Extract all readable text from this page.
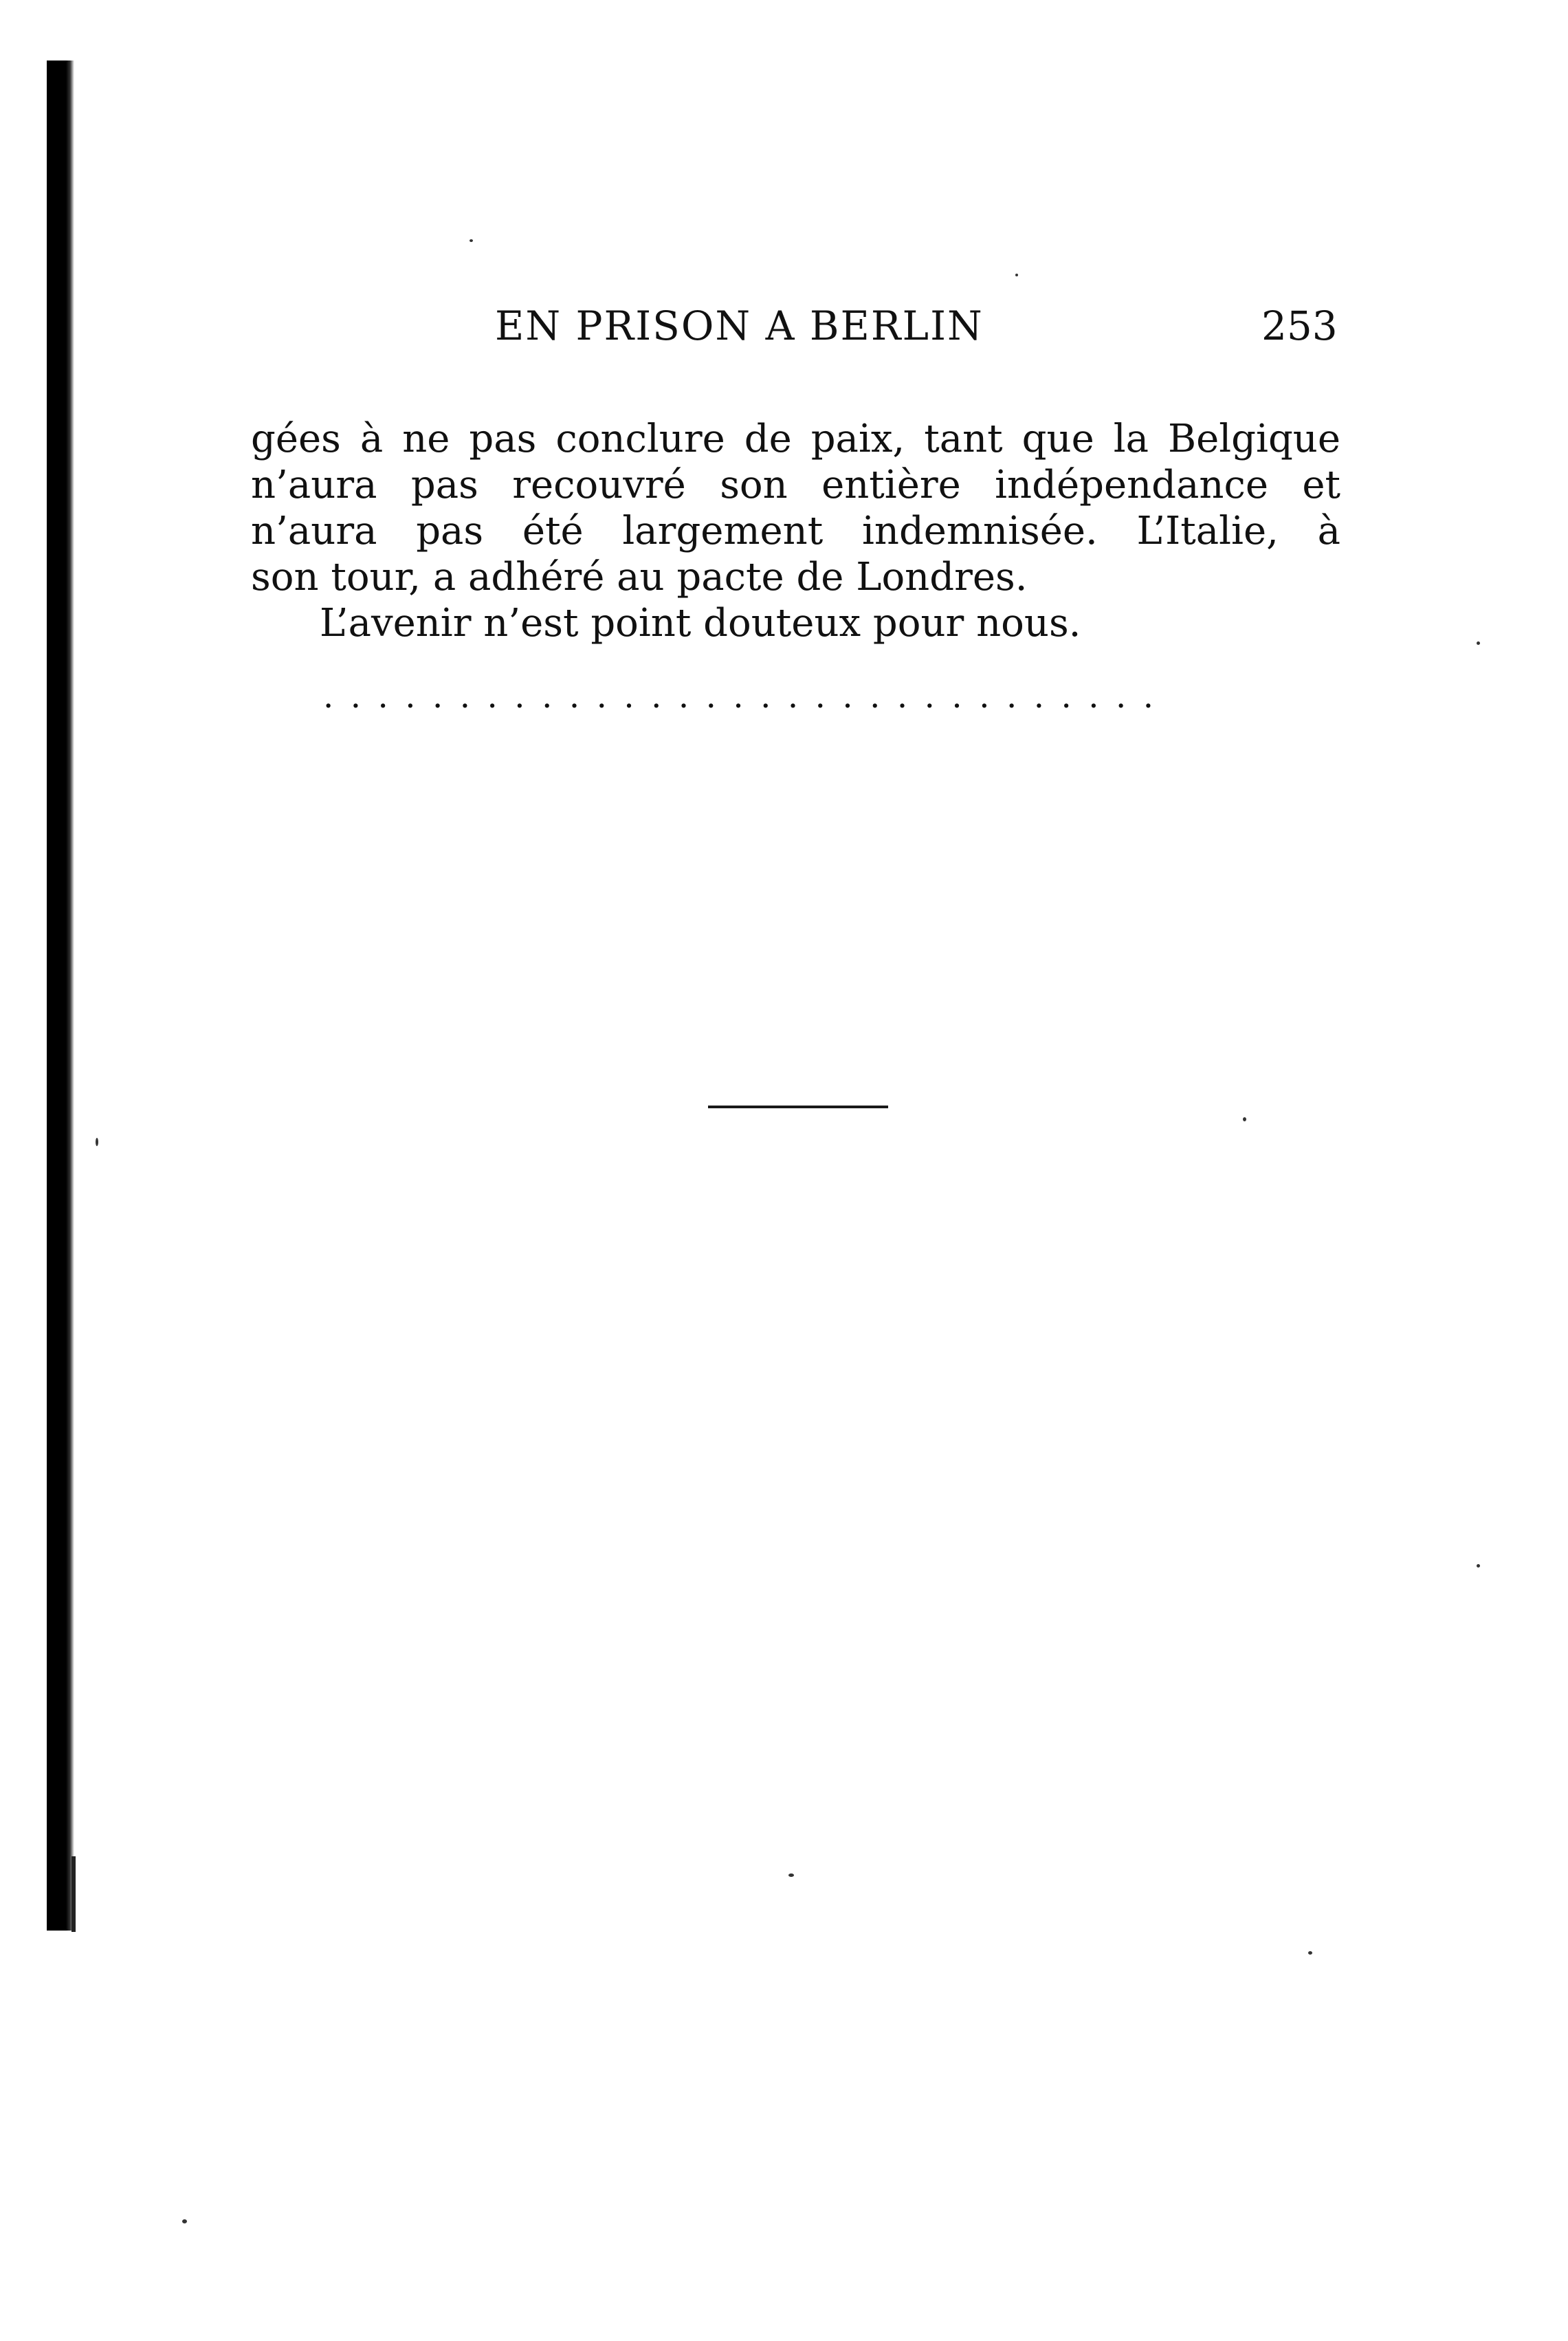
EN PRISON A BERLIN	253
gées à ne pas conclure de paix, tant que la Belgique
n’aura pas recouvré son entière indépendance et
n’aura pas été largement indemnisée. L’Italie, à
son tour, a adhéré au pacte de Londres.
L’avenir n’est point douteux pour nous.
...............................
